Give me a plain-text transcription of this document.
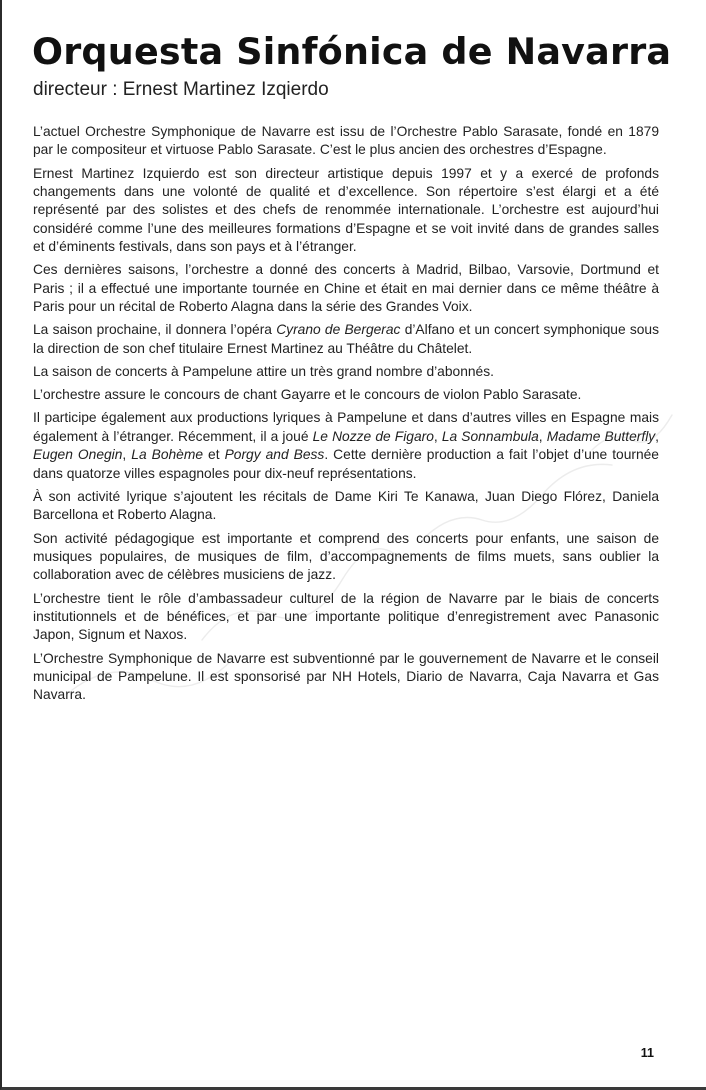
Orquesta Sinfónica de Navarra
directeur : Ernest Martinez Izqierdo

L’actuel Orchestre Symphonique de Navarre est issu de l’Orchestre Pablo Sarasate, fondé en 1879 par le compositeur et virtuose Pablo Sarasate. C’est le plus ancien des orchestres d’Espagne.

Ernest Martinez Izquierdo est son directeur artistique depuis 1997 et y a exercé de profonds changements dans une volonté de qualité et d’excellence. Son répertoire s’est élargi et a été représenté par des solistes et des chefs de renommée internationale. L’orchestre est aujourd’hui considéré comme l’une des meilleures formations d’Espagne et se voit invité dans de grandes salles et d’éminents festivals, dans son pays et à l’étranger.

Ces dernières saisons, l’orchestre a donné des concerts à Madrid, Bilbao, Varsovie, Dortmund et Paris ; il a effectué une importante tournée en Chine et était en mai dernier dans ce même théâtre à Paris pour un récital de Roberto Alagna dans la série des Grandes Voix.

La saison prochaine, il donnera l’opéra Cyrano de Bergerac d’Alfano et un concert symphonique sous la direction de son chef titulaire Ernest Martinez au Théâtre du Châtelet.

La saison de concerts à Pampelune attire un très grand nombre d’abonnés.

L’orchestre assure le concours de chant Gayarre et le concours de violon Pablo Sarasate.

Il participe également aux productions lyriques à Pampelune et dans d’autres villes en Espagne mais également à l’étranger. Récemment, il a joué Le Nozze de Figaro, La Sonnambula, Madame Butterfly, Eugen Onegin, La Bohème et Porgy and Bess. Cette dernière production a fait l’objet d’une tournée dans quatorze villes espagnoles pour dix-neuf représentations.

À son activité lyrique s’ajoutent les récitals de Dame Kiri Te Kanawa, Juan Diego Flórez, Daniela Barcellona et Roberto Alagna.

Son activité pédagogique est importante et comprend des concerts pour enfants, une saison de musiques populaires, de musiques de film, d’accompagnements de films muets, sans oublier la collaboration avec de célèbres musiciens de jazz.

L’orchestre tient le rôle d’ambassadeur culturel de la région de Navarre par le biais de concerts institutionnels et de bénéfices, et par une importante politique d’enregistrement avec Panasonic Japon, Signum et Naxos.

L’Orchestre Symphonique de Navarre est subventionné par le gouvernement de Navarre et le conseil municipal de Pampelune. Il est sponsorisé par NH Hotels, Diario de Navarra, Caja Navarra et Gas Navarra.

11
